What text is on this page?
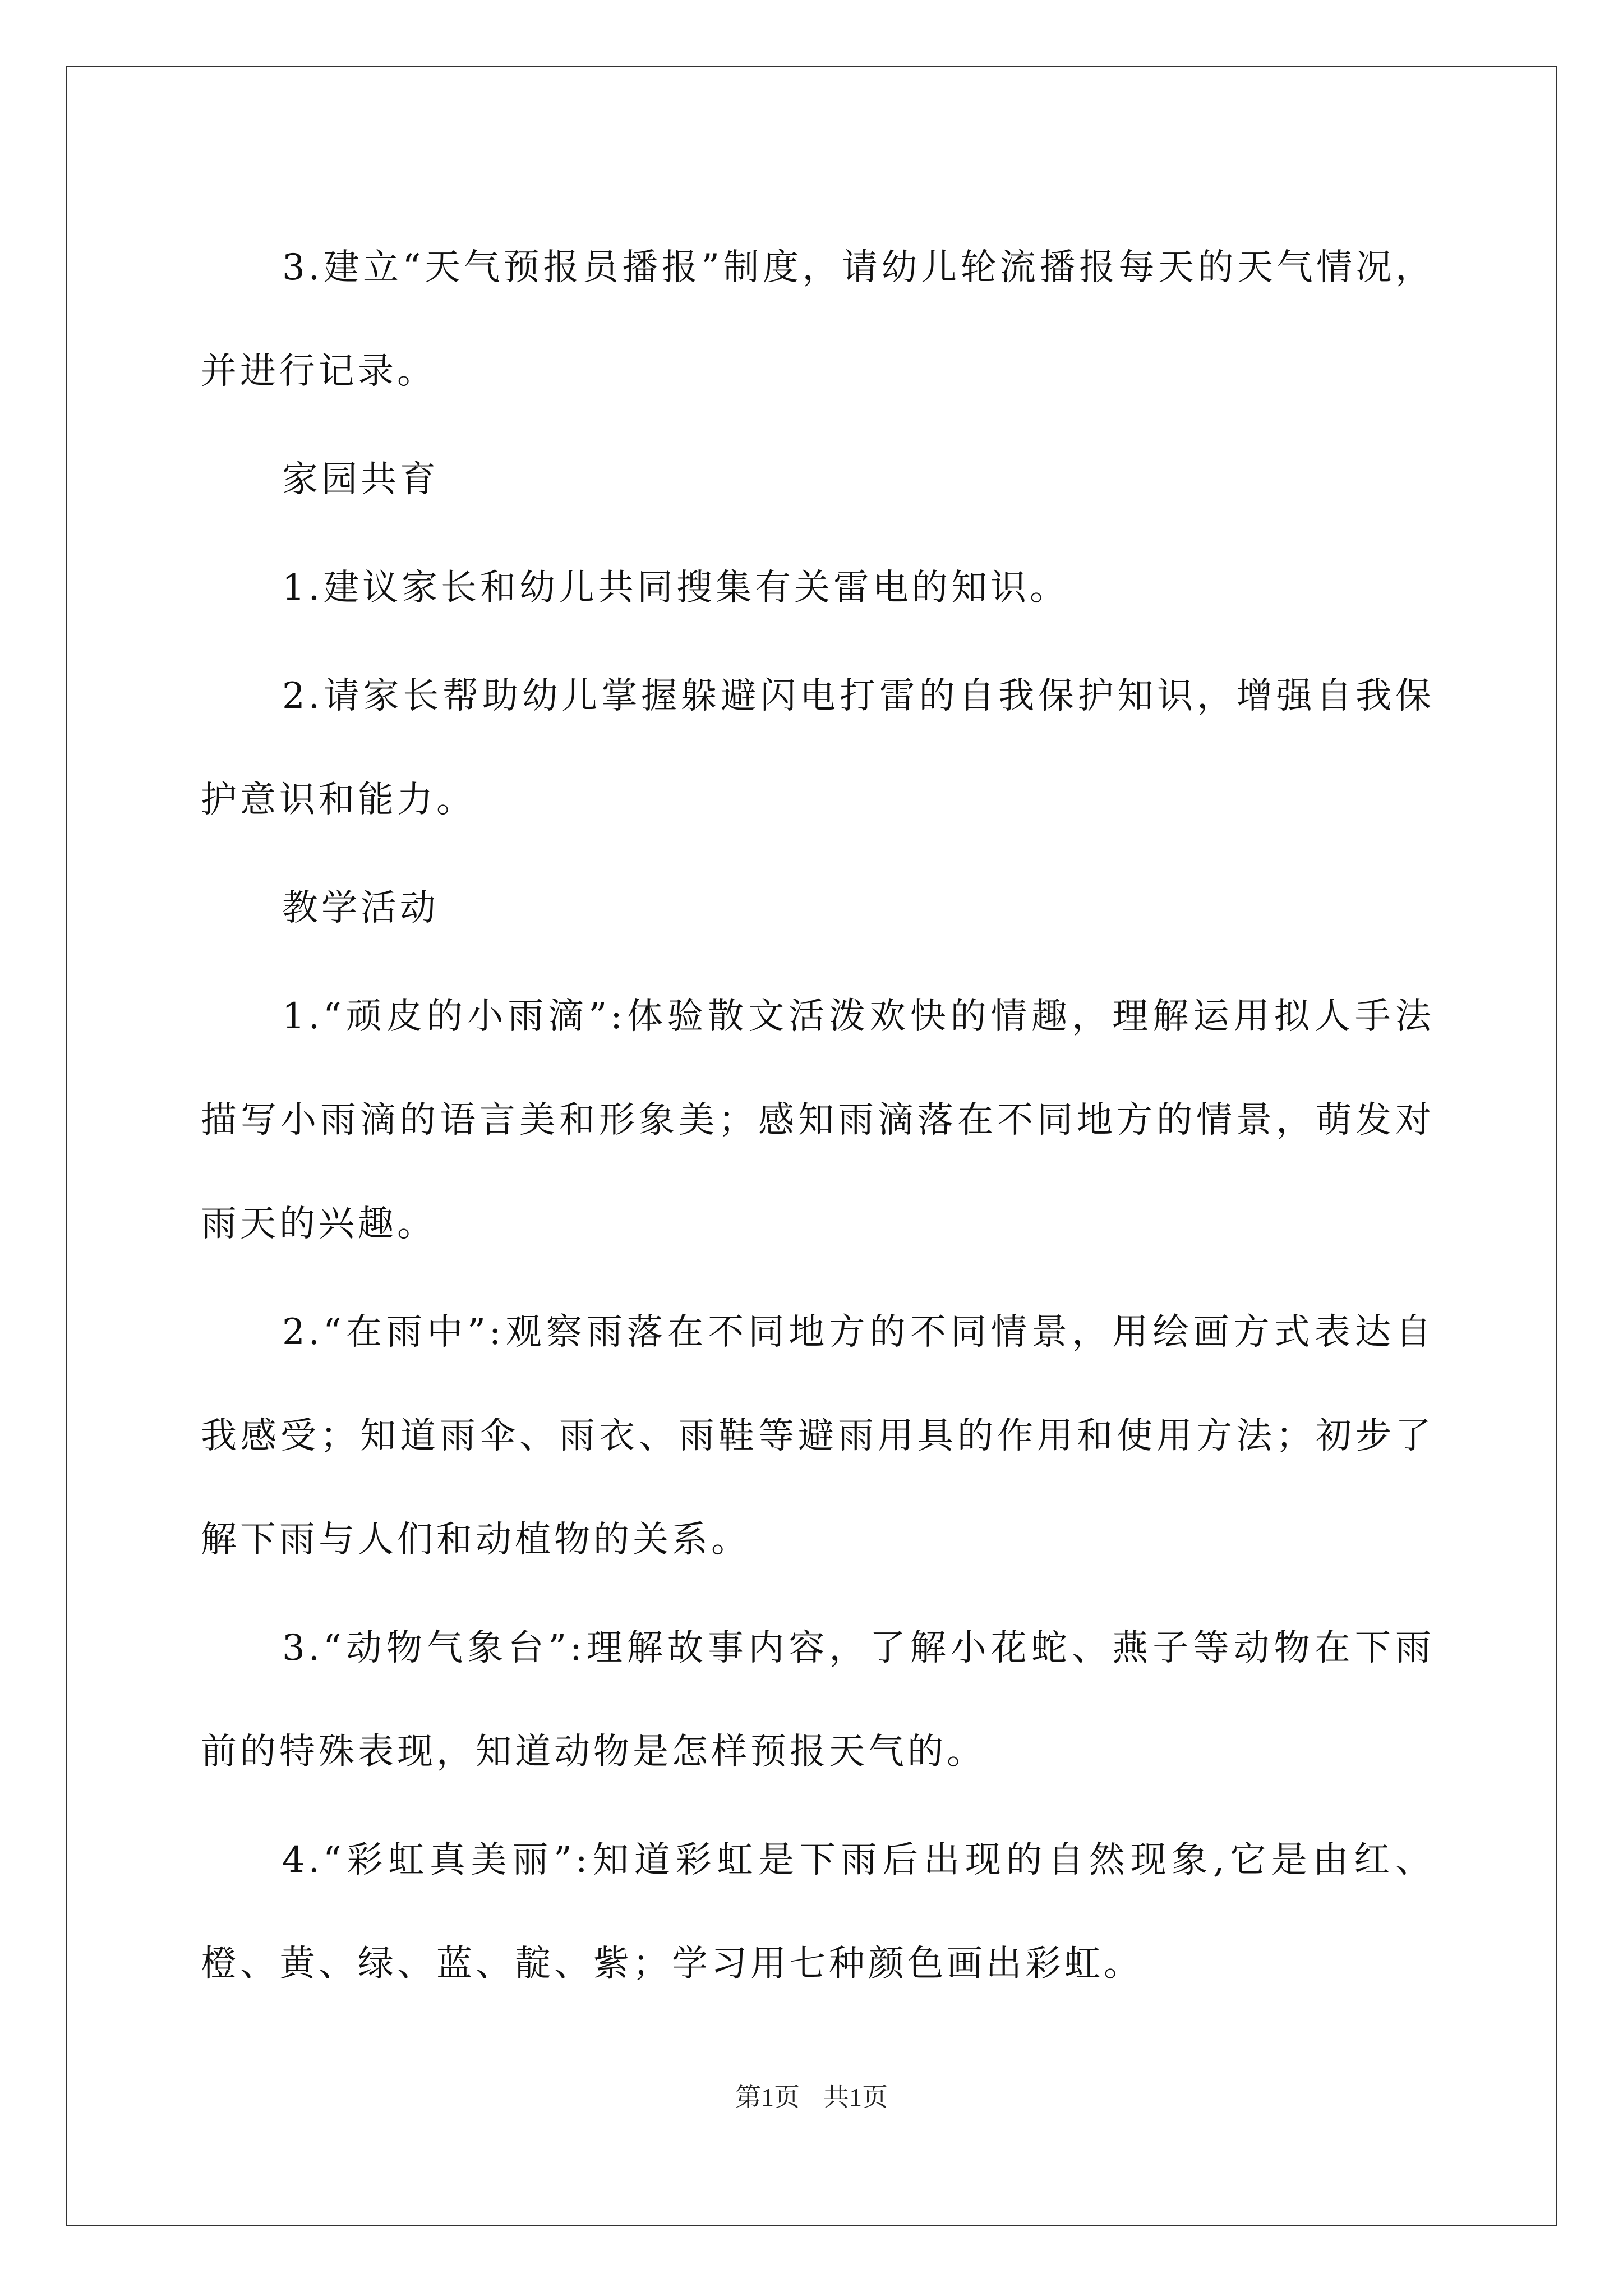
3.建立“天气预报员播报”制度，请幼儿轮流播报每天的天气情况，并进行记录。

家园共育

1.建议家长和幼儿共同搜集有关雷电的知识。

2.请家长帮助幼儿掌握躲避闪电打雷的自我保护知识，增强自我保护意识和能力。

教学活动

1.“顽皮的小雨滴”:体验散文活泼欢快的情趣，理解运用拟人手法描写小雨滴的语言美和形象美；感知雨滴落在不同地方的情景，萌发对雨天的兴趣。

2.“在雨中”:观察雨落在不同地方的不同情景，用绘画方式表达自我感受；知道雨伞、雨衣、雨鞋等避雨用具的作用和使用方法；初步了解下雨与人们和动植物的关系。

3.“动物气象台”:理解故事内容，了解小花蛇、燕子等动物在下雨前的特殊表现，知道动物是怎样预报天气的。

4.“彩虹真美丽”:知道彩虹是下雨后出现的自然现象,它是由红、橙、黄、绿、蓝、靛、紫；学习用七种颜色画出彩虹。

第1页 共1页
